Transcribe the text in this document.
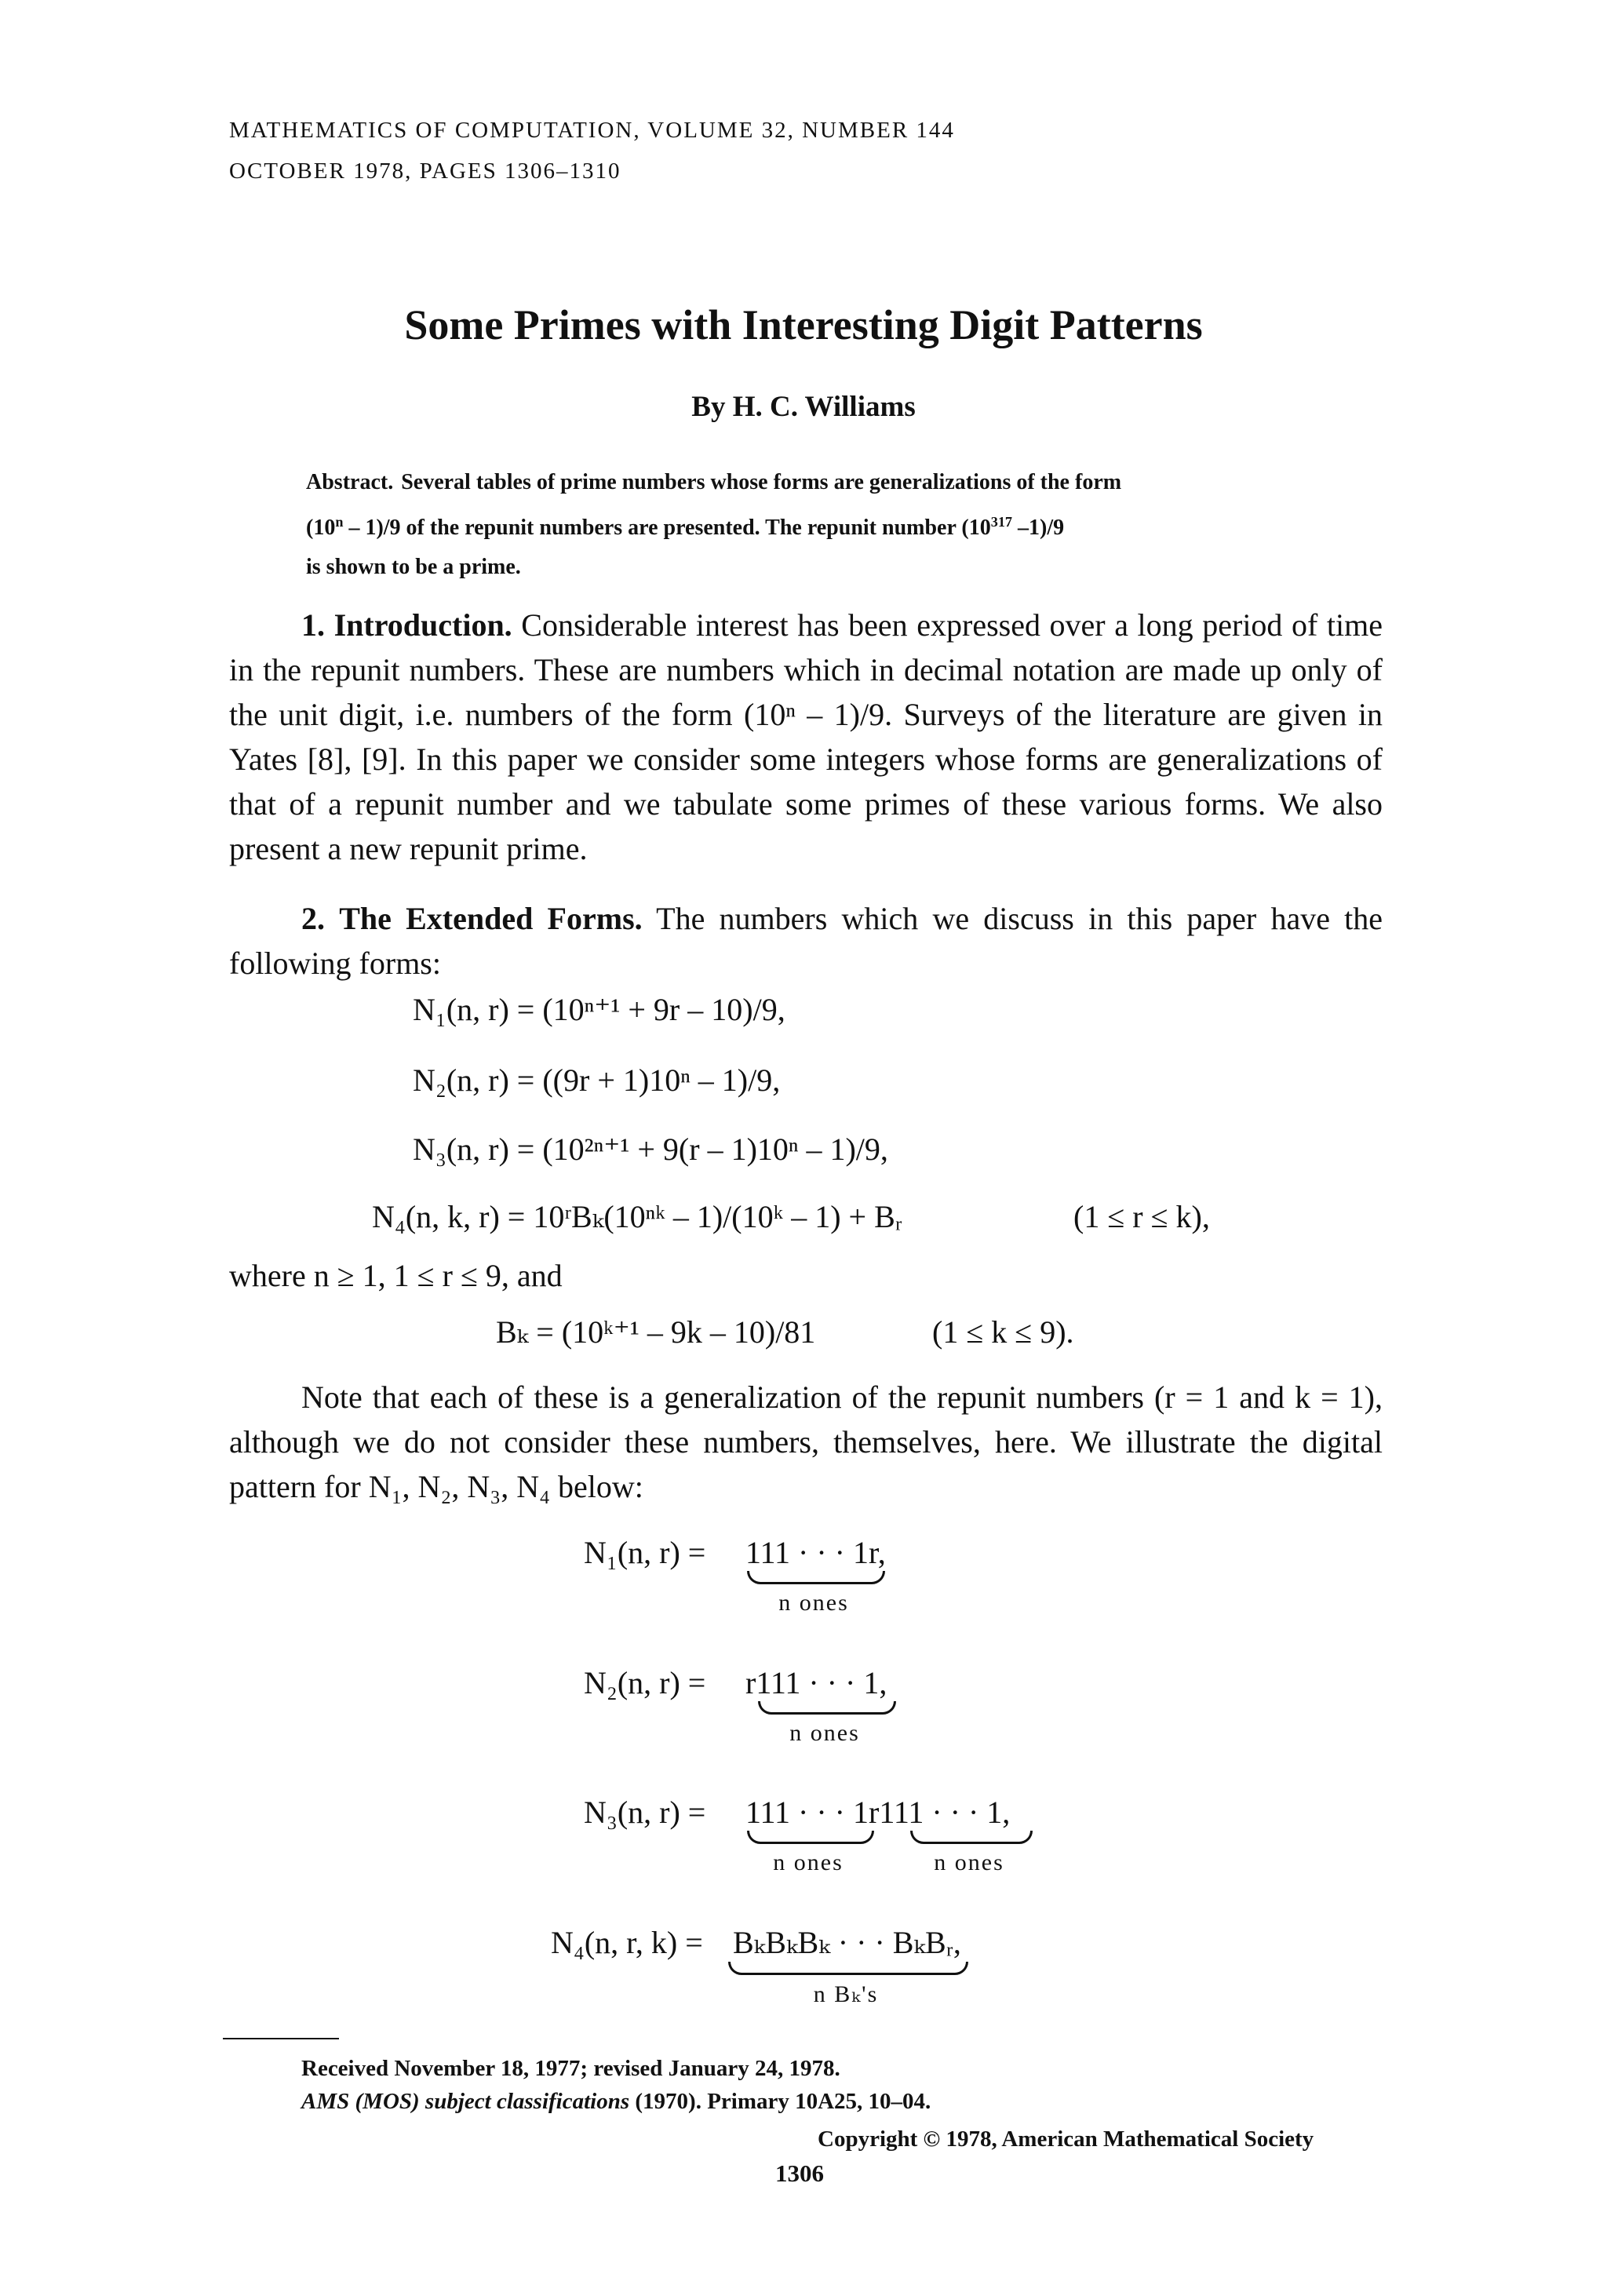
MATHEMATICS OF COMPUTATION, VOLUME 32, NUMBER 144
OCTOBER 1978, PAGES 1306–1310
Some Primes with Interesting Digit Patterns
By H. C. Williams
Abstract. Several tables of prime numbers whose forms are generalizations of the form
(10$^n$ – 1)/9 of the repunit numbers are presented. The repunit number ($10^{317}$ –1)/9
is shown to be a prime.
1. Introduction. Considerable interest has been expressed over a long period of time in the repunit numbers. These are numbers which in decimal notation are made up only of the unit digit, i.e. numbers of the form (10ⁿ – 1)/9. Surveys of the literature are given in Yates [8], [9]. In this paper we consider some integers whose forms are generalizations of that of a repunit number and we tabulate some primes of these various forms. We also present a new repunit prime.
2. The Extended Forms. The numbers which we discuss in this paper have the following forms:
N₁(n, r) = (10ⁿ⁺¹ + 9r – 10)/9,
N₂(n, r) = ((9r + 1)10ⁿ – 1)/9,
N₃(n, r) = (10²ⁿ⁺¹ + 9(r – 1)10ⁿ – 1)/9,
N₄(n, k, r) = 10ʳBₖ(10ⁿᵏ – 1)/(10ᵏ – 1) + Bᵣ	(1 ≤ r ≤ k),
where n ≥ 1, 1 ≤ r ≤ 9, and
Bₖ = (10ᵏ⁺¹ – 9k – 10)/81	(1 ≤ k ≤ 9).
Note that each of these is a generalization of the repunit numbers (r = 1 and k = 1), although we do not consider these numbers, themselves, here. We illustrate the digital pattern for N₁, N₂, N₃, N₄ below:
N₁(n, r) = 111 · · · 1r,
n ones
N₂(n, r) = r111 · · · 1,
n ones
N₃(n, r) = 111 · · · 1r111 · · · 1,
n ones	n ones
N₄(n, r, k) = BₖBₖBₖ · · · BₖBᵣ,
n Bₖ's
Received November 18, 1977; revised January 24, 1978.
AMS (MOS) subject classifications (1970). Primary 10A25, 10–04.
Copyright © 1978, American Mathematical Society
1306
